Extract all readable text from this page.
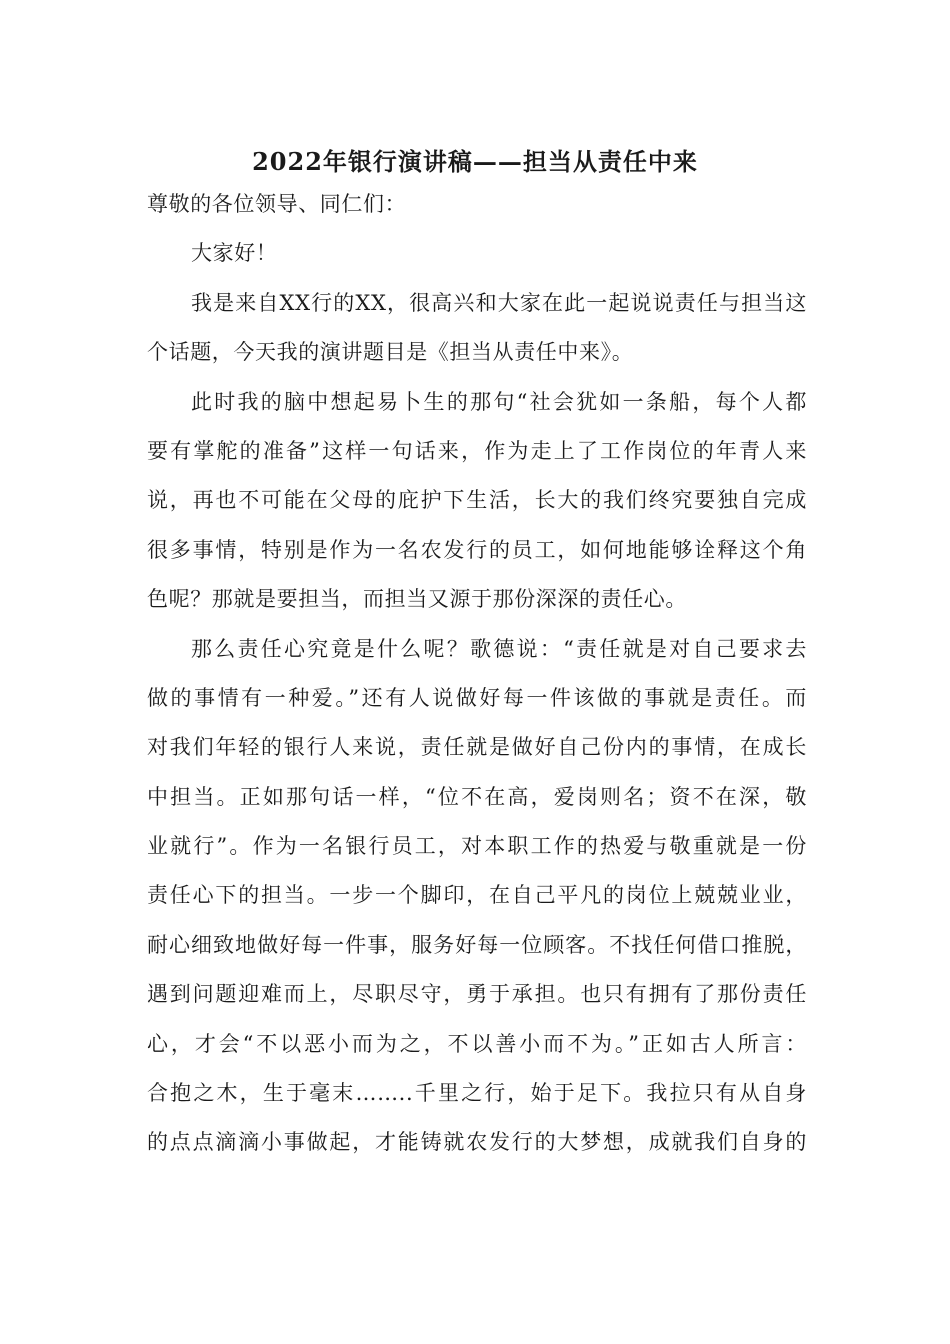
2022年银行演讲稿——担当从责任中来
尊敬的各位领导、同仁们：
大家好！
我是来自XX行的XX，很高兴和大家在此一起说说责任与担当这
个话题，今天我的演讲题目是《担当从责任中来》。
此时我的脑中想起易卜生的那句“社会犹如一条船，每个人都
要有掌舵的准备”这样一句话来，作为走上了工作岗位的年青人来
说，再也不可能在父母的庇护下生活，长大的我们终究要独自完成
很多事情，特别是作为一名农发行的员工，如何地能够诠释这个角
色呢？那就是要担当，而担当又源于那份深深的责任心。
那么责任心究竟是什么呢？歌德说：“责任就是对自己要求去
做的事情有一种爱。”还有人说做好每一件该做的事就是责任。而
对我们年轻的银行人来说，责任就是做好自己份内的事情，在成长
中担当。正如那句话一样，“位不在高，爱岗则名；资不在深，敬
业就行”。作为一名银行员工，对本职工作的热爱与敬重就是一份
责任心下的担当。一步一个脚印，在自己平凡的岗位上兢兢业业，
耐心细致地做好每一件事，服务好每一位顾客。不找任何借口推脱，
遇到问题迎难而上，尽职尽守，勇于承担。也只有拥有了那份责任
心，才会“不以恶小而为之，不以善小而不为。”正如古人所言：
合抱之木，生于毫末……..千里之行，始于足下。我拉只有从自身
的点点滴滴小事做起，才能铸就农发行的大梦想，成就我们自身的
